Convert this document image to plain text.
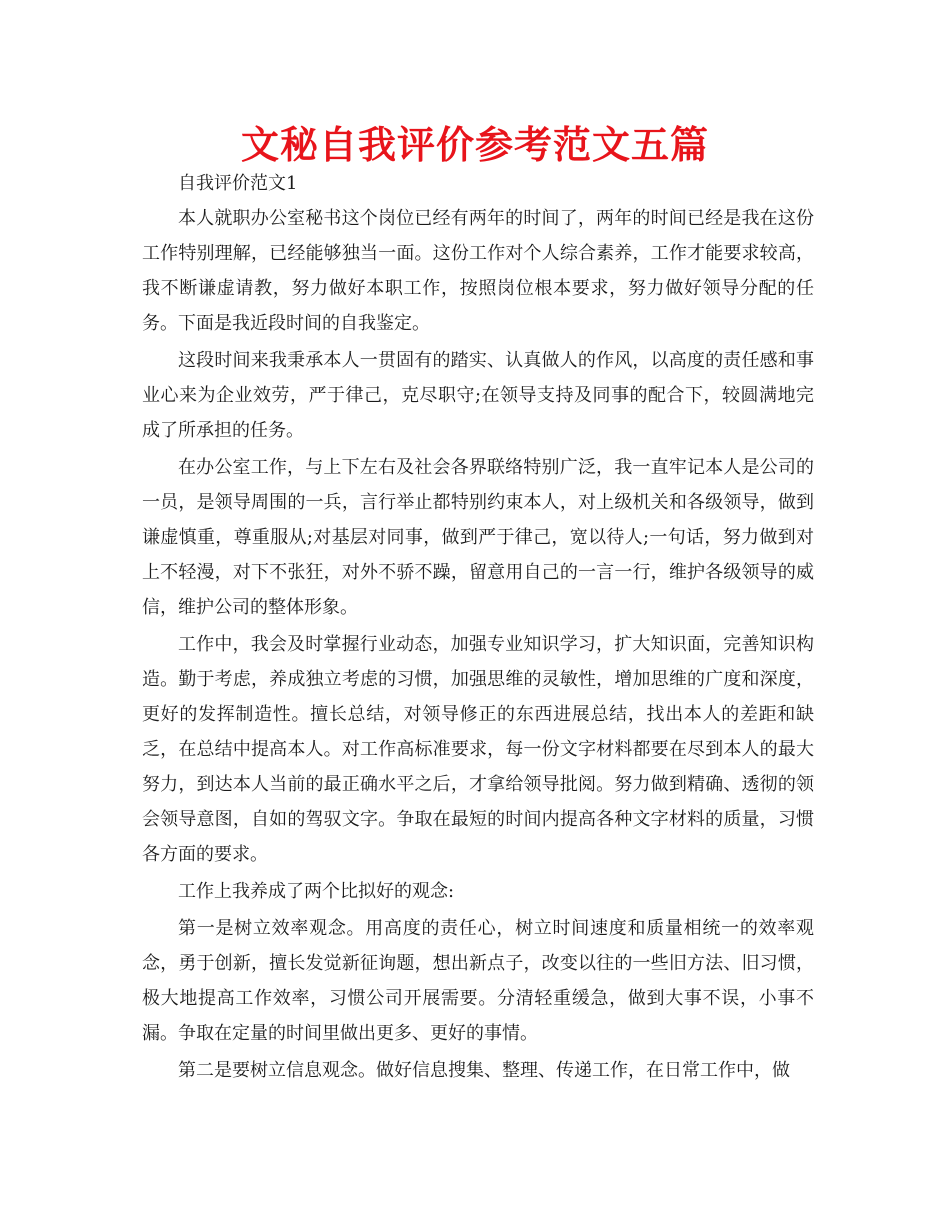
文秘自我评价参考范文五篇

自我评价范文1

本人就职办公室秘书这个岗位已经有两年的时间了，两年的时间已经是我在这份工作特别理解，已经能够独当一面。这份工作对个人综合素养，工作才能要求较高，我不断谦虚请教，努力做好本职工作，按照岗位根本要求，努力做好领导分配的任务。下面是我近段时间的自我鉴定。

这段时间来我秉承本人一贯固有的踏实、认真做人的作风，以高度的责任感和事业心来为企业效劳，严于律己，克尽职守;在领导支持及同事的配合下，较圆满地完成了所承担的任务。

在办公室工作，与上下左右及社会各界联络特别广泛，我一直牢记本人是公司的一员，是领导周围的一兵，言行举止都特别约束本人，对上级机关和各级领导，做到谦虚慎重，尊重服从;对基层对同事，做到严于律己，宽以待人;一句话，努力做到对上不轻漫，对下不张狂，对外不骄不躁，留意用自己的一言一行，维护各级领导的威信，维护公司的整体形象。

工作中，我会及时掌握行业动态，加强专业知识学习，扩大知识面，完善知识构造。勤于考虑，养成独立考虑的习惯，加强思维的灵敏性，增加思维的广度和深度，更好的发挥制造性。擅长总结，对领导修正的东西进展总结，找出本人的差距和缺乏，在总结中提高本人。对工作高标准要求，每一份文字材料都要在尽到本人的最大努力，到达本人当前的最正确水平之后，才拿给领导批阅。努力做到精确、透彻的领会领导意图，自如的驾驭文字。争取在最短的时间内提高各种文字材料的质量，习惯各方面的要求。

工作上我养成了两个比拟好的观念:

第一是树立效率观念。用高度的责任心，树立时间速度和质量相统一的效率观念，勇于创新，擅长发觉新征询题，想出新点子，改变以往的一些旧方法、旧习惯，极大地提高工作效率，习惯公司开展需要。分清轻重缓急，做到大事不误，小事不漏。争取在定量的时间里做出更多、更好的事情。

第二是要树立信息观念。做好信息搜集、整理、传递工作，在日常工作中，做
